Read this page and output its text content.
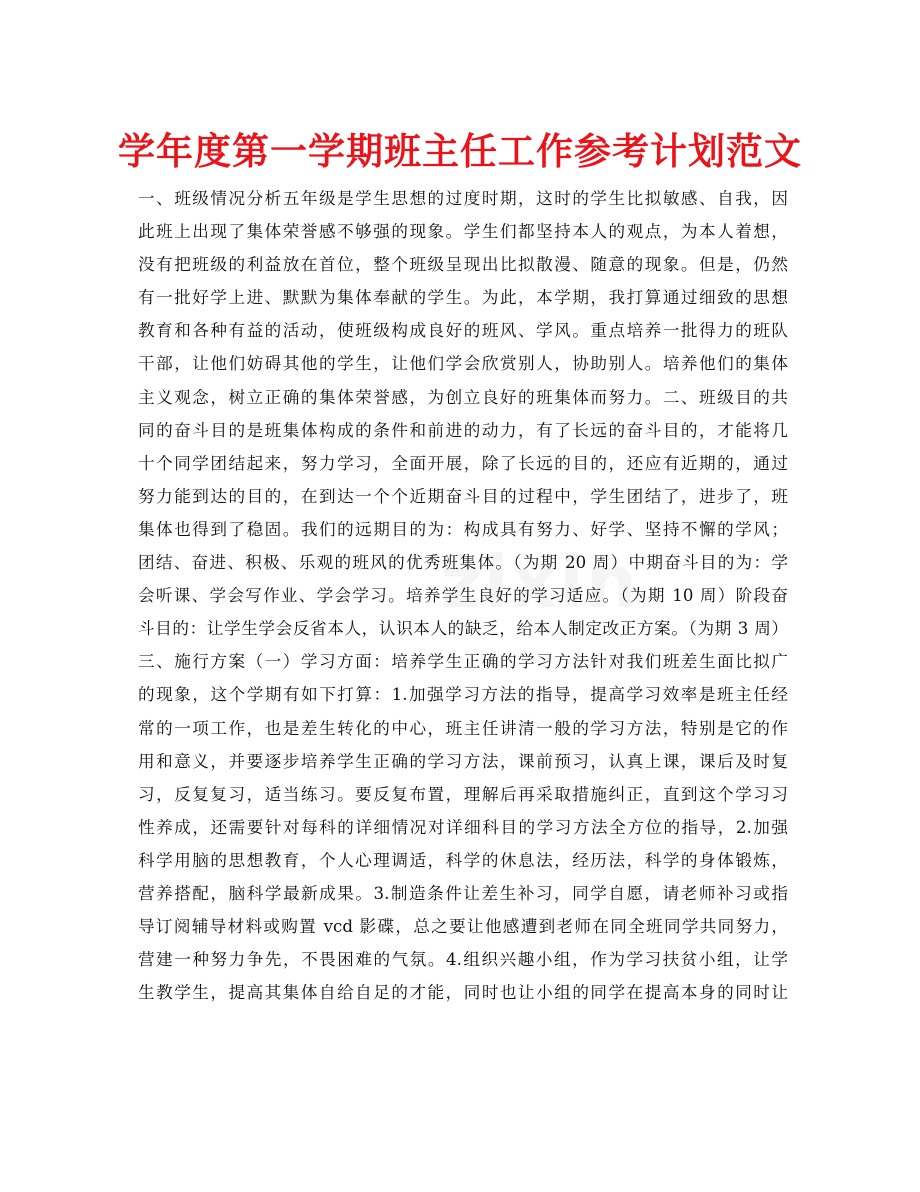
学年度第一学期班主任工作参考计划范文
一、班级情况分析五年级是学生思想的过度时期，这时的学生比拟敏感、自我，因
此班上出现了集体荣誉感不够强的现象。学生们都坚持本人的观点，为本人着想，
没有把班级的利益放在首位，整个班级呈现出比拟散漫、随意的现象。但是，仍然
有一批好学上进、默默为集体奉献的学生。为此，本学期，我打算通过细致的思想
教育和各种有益的活动，使班级构成良好的班风、学风。重点培养一批得力的班队
干部，让他们妨碍其他的学生，让他们学会欣赏别人，协助别人。培养他们的集体
主义观念，树立正确的集体荣誉感，为创立良好的班集体而努力。二、班级目的共
同的奋斗目的是班集体构成的条件和前进的动力，有了长远的奋斗目的，才能将几
十个同学团结起来，努力学习，全面开展，除了长远的目的，还应有近期的，通过
努力能到达的目的，在到达一个个近期奋斗目的过程中，学生团结了，进步了，班
集体也得到了稳固。我们的远期目的为：构成具有努力、好学、坚持不懈的学风；
团结、奋进、积极、乐观的班风的优秀班集体。（为期 20 周）中期奋斗目的为：学
会听课、学会写作业、学会学习。培养学生良好的学习适应。（为期 10 周）阶段奋
斗目的：让学生学会反省本人，认识本人的缺乏，给本人制定改正方案。（为期 3 周）
三、施行方案（一）学习方面：培养学生正确的学习方法针对我们班差生面比拟广
的现象，这个学期有如下打算：1.加强学习方法的指导，提高学习效率是班主任经
常的一项工作，也是差生转化的中心，班主任讲清一般的学习方法，特别是它的作
用和意义，并要逐步培养学生正确的学习方法，课前预习，认真上课，课后及时复
习，反复复习，适当练习。要反复布置，理解后再采取措施纠正，直到这个学习习
性养成，还需要针对每科的详细情况对详细科目的学习方法全方位的指导，2.加强
科学用脑的思想教育，个人心理调适，科学的休息法，经历法，科学的身体锻炼，
营养搭配，脑科学最新成果。3.制造条件让差生补习，同学自愿，请老师补习或指
导订阅辅导材料或购置 vcd 影碟，总之要让他感遭到老师在同全班同学共同努力，
营建一种努力争先，不畏困难的气氛。4.组织兴趣小组，作为学习扶贫小组，让学
生教学生，提高其集体自给自足的才能，同时也让小组的同学在提高本身的同时让
